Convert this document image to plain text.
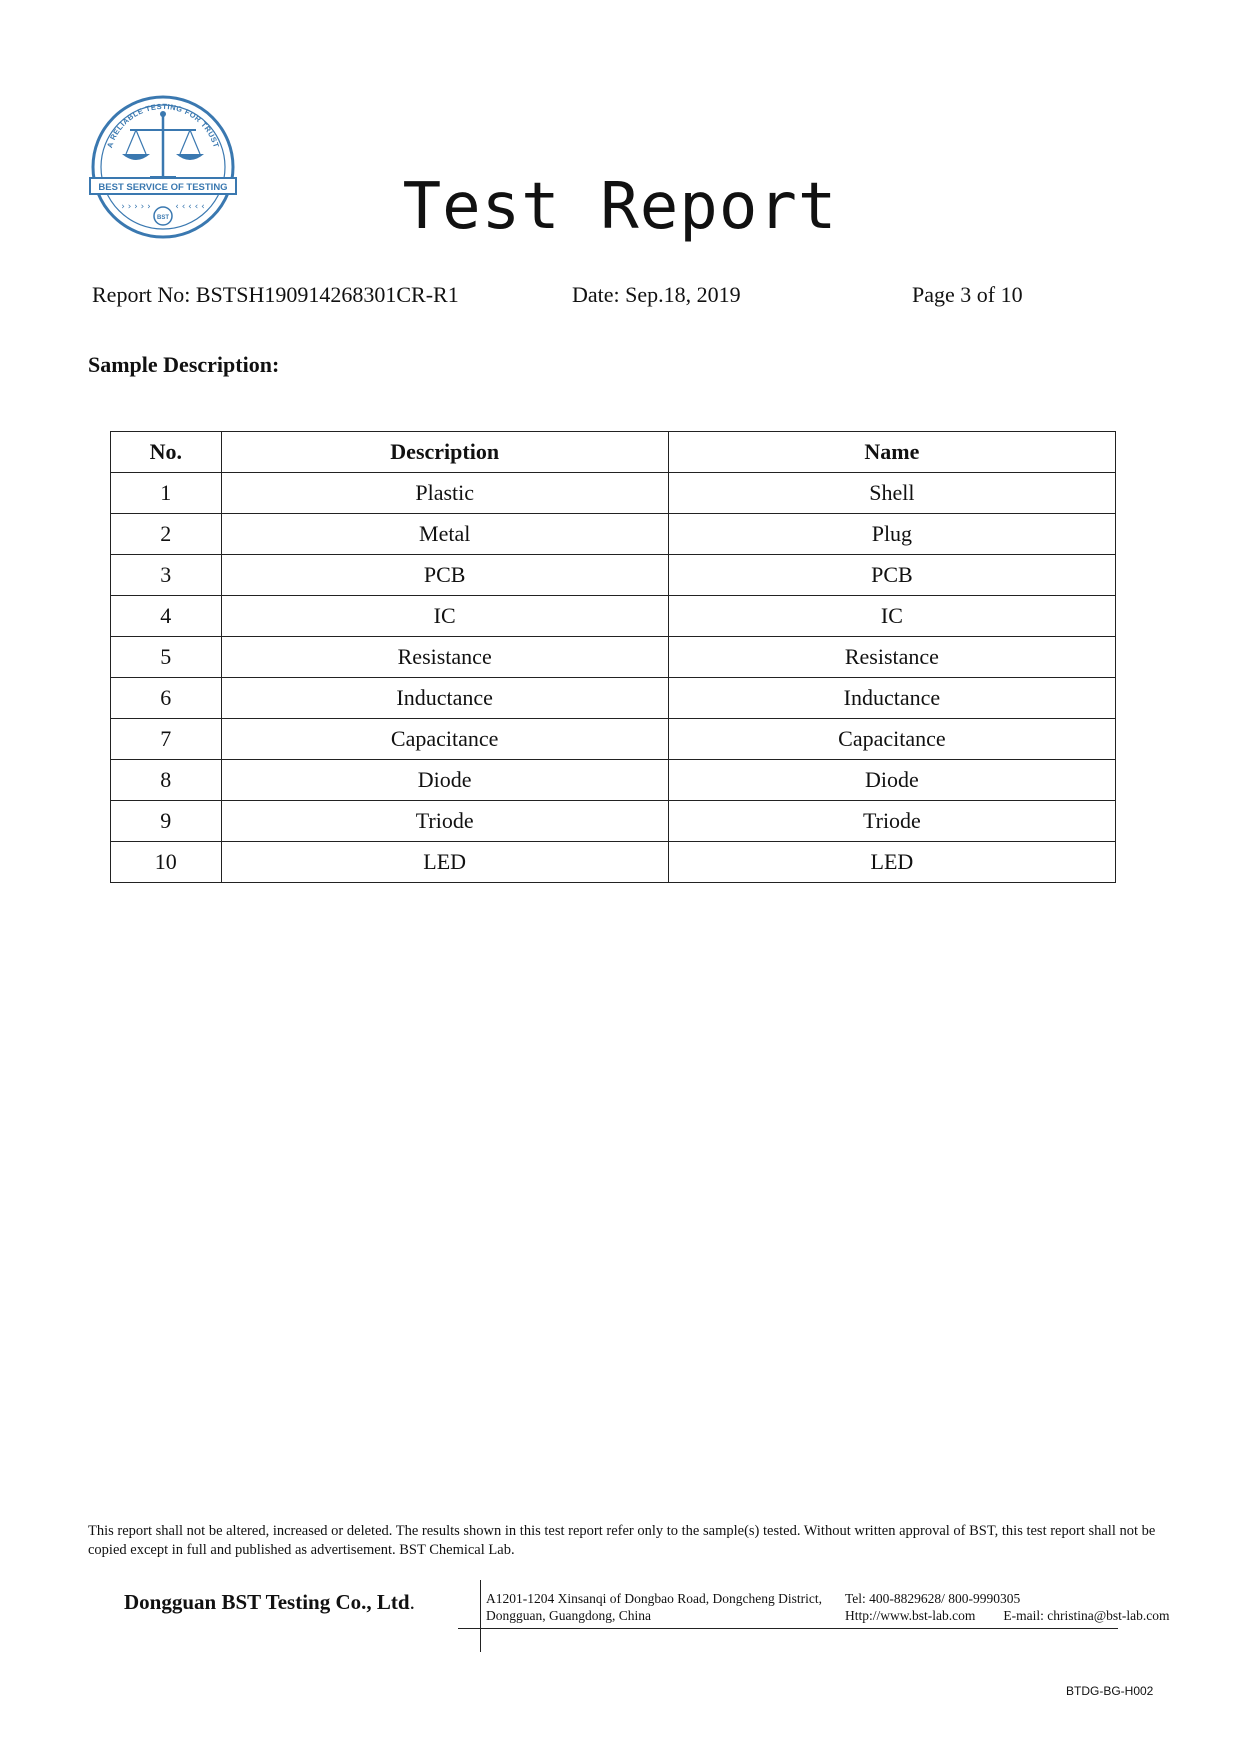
A RELIABLE TESTING FOR TRUST
BEST SERVICE OF TESTING
› › › › ›	‹ ‹ ‹ ‹ ‹
BST	Test Report
Report No: BSTSH190914268301CR-R1	Date: Sep.18, 2019	Page 3 of 10
Sample Description:
No.	Description	Name
1	Plastic	Shell
2	Metal	Plug
3	PCB	PCB
4	IC	IC
5	Resistance	Resistance
6	Inductance	Inductance
7	Capacitance	Capacitance
8	Diode	Diode
9	Triode	Triode
10	LED	LED
This report shall not be altered, increased or deleted. The results shown in this test report refer only to the sample(s) tested. Without written approval of BST, this test report shall not be copied except in full and published as advertisement. BST Chemical Lab.
Dongguan BST Testing Co., Ltd.	A1201-1204 Xinsanqi of Dongbao Road, Dongcheng District,
Dongguan, Guangdong, China
Tel: 400-8829628/ 800-9990305
Http://www.bst-lab.com E-mail: christina@bst-lab.com
BTDG-BG-H002
